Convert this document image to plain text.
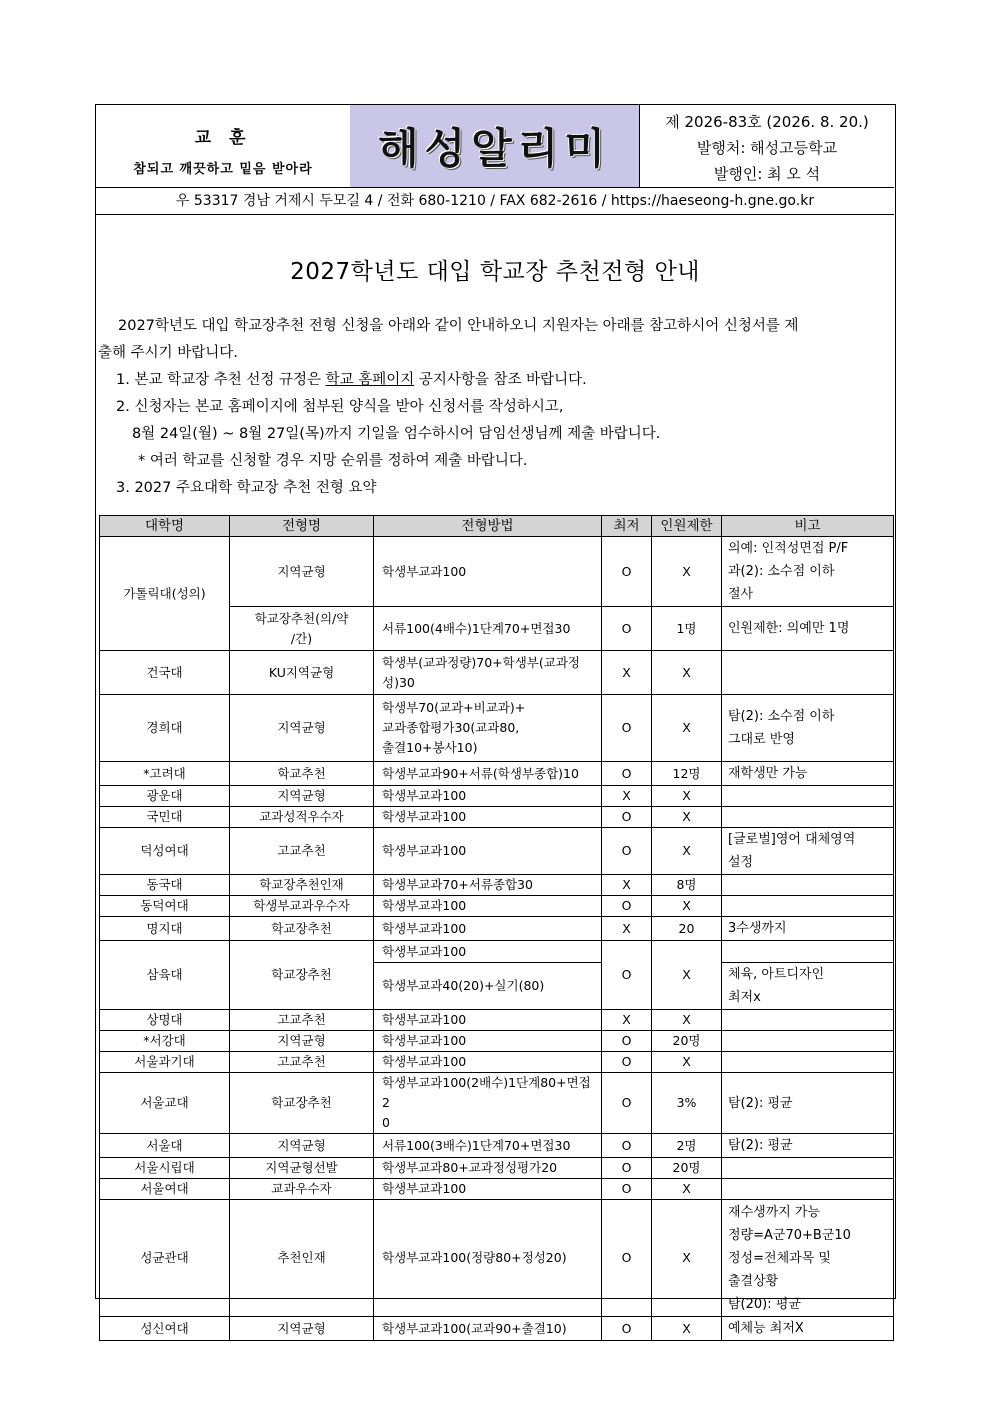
교 훈
참되고 깨끗하고 밑음 받아라	해성알리미
제 2026-83호 (2026. 8. 20.)
발행처: 해성고등학교
발행인: 최 오 석
우 53317 경남 거제시 두모길 4 / 전화 680-1210 / FAX 682-2616 / https://haeseong-h.gne.go.kr
2027학년도 대입 학교장 추천전형 안내

2027학년도 대입 학교장추천 전형 신청을 아래와 같이 안내하오니 지원자는 아래를 참고하시어 신청서를 제

출해 주시기 바랍니다.

1. 본교 학교장 추천 선정 규정은 학교 홈페이지 공지사항을 참조 바랍니다.

2. 신청자는 본교 홈페이지에 첨부된 양식을 받아 신청서를 작성하시고,

8월 24일(월) ~ 8월 27일(목)까지 기일을 엄수하시어 담임선생님께 제출 바랍니다.

* 여러 학교를 신청할 경우 지망 순위를 정하여 제출 바랍니다.

3. 2027 주요대학 학교장 추천 전형 요약

대학명	전형명	전형방법	최저	인원제한	비고
가톨릭대(성의)	지역균형	학생부교과100	O	X	의예: 인적성면접 P/F
과(2): 소수점 이하
절사
	학교장추천(의/약
/간)	서류100(4배수)1단계70+면접30	O	1명	인원제한: 의예만 1명
건국대	KU지역균형	학생부(교과정량)70+학생부(교과정
성)30	X	X	
경희대	지역균형	학생부70(교과+비교과)+
교과종합평가30(교과80,
출결10+봉사10)	O	X	탐(2): 소수점 이하
그대로 반영
*고려대	학교추천	학생부교과90+서류(학생부종합)10	O	12명	재학생만 가능
광운대	지역균형	학생부교과100	X	X	
국민대	교과성적우수자	학생부교과100	O	X	
덕성여대	고교추천	학생부교과100	O	X	[글로벌]영어 대체영역
설정
동국대	학교장추천인재	학생부교과70+서류종합30	X	8명	
동덕여대	학생부교과우수자	학생부교과100	O	X	
명지대	학교장추천	학생부교과100	X	20	3수생까지
삼육대	학교장추천	학생부교과100	O	X	
		학생부교과40(20)+실기(80)			체육, 아트디자인
최저x
상명대	고교추천	학생부교과100	X	X	
*서강대	지역균형	학생부교과100	O	20명	
서울과기대	고교추천	학생부교과100	O	X	
서울교대	학교장추천	학생부교과100(2배수)1단계80+면접2
0	O	3%	탐(2): 평균
서울대	지역균형	서류100(3배수)1단계70+면접30	O	2명	탐(2): 평균
서울시립대	지역균형선발	학생부교과80+교과정성평가20	O	20명	
서울여대	교과우수자	학생부교과100	O	X	
성균관대	추천인재	학생부교과100(정량80+정성20)	O	X	재수생까지 가능
정량=A군70+B군10
정성=전체과목 및
출결상황
탐(20): 평균
성신여대	지역균형	학생부교과100(교과90+출결10)	O	X	예체능 최저X
